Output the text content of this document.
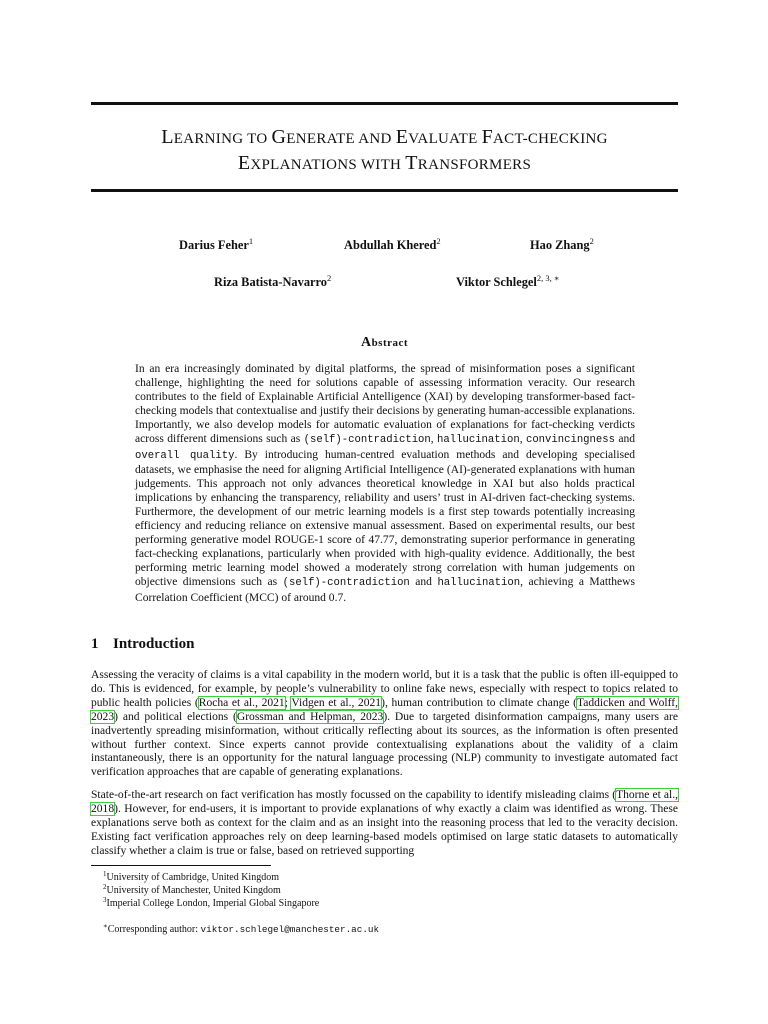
LEARNING TO GENERATE AND EVALUATE FACT-CHECKING
EXPLANATIONS WITH TRANSFORMERS
Darius Feher$^1$	Abdullah Khered$^2$	Hao Zhang$^2$
Riza Batista-Navarro$^2$	Viktor Schlegel$^{2, 3, ∗}$
Abstract

In an era increasingly dominated by digital platforms, the spread of misinformation poses a significant challenge, highlighting the need for solutions capable of assessing information veracity. Our research contributes to the field of Explainable Artificial Antelligence (XAI) by developing transformer-based fact-checking models that contextualise and justify their decisions by generating human-accessible explanations. Importantly, we also develop models for automatic evaluation of explanations for fact-checking verdicts across different dimensions such as (self)-contradiction, hallucination, convincingness and overall quality. By introducing human-centred evaluation methods and developing specialised datasets, we emphasise the need for aligning Artificial Intelligence (AI)-generated explanations with human judgements. This approach not only advances theoretical knowledge in XAI but also holds practical implications by enhancing the transparency, reliability and users’ trust in AI-driven fact-checking systems. Furthermore, the development of our metric learning models is a first step towards potentially increasing efficiency and reducing reliance on extensive manual assessment. Based on experimental results, our best performing generative model ROUGE-1 score of 47.77, demonstrating superior performance in generating fact-checking explanations, particularly when provided with high-quality evidence. Additionally, the best performing metric learning model showed a moderately strong correlation with human judgements on objective dimensions such as (self)-contradiction and hallucination, achieving a Matthews Correlation Coefficient (MCC) of around 0.7.

1 Introduction

Assessing the veracity of claims is a vital capability in the modern world, but it is a task that the public is often ill-equipped to do. This is evidenced, for example, by people’s vulnerability to online fake news, especially with respect to topics related to public health policies (Rocha et al., 2021; Vidgen et al., 2021), human contribution to climate change (Taddicken and Wolff, 2023) and political elections (Grossman and Helpman, 2023). Due to targeted disinformation campaigns, many users are inadvertently spreading misinformation, without critically reflecting about its sources, as the information is often presented without further context. Since experts cannot provide contextualising explanations about the validity of a claim instantaneously, there is an opportunity for the natural language processing (NLP) community to investigate automated fact verification approaches that are capable of generating explanations.

State-of-the-art research on fact verification has mostly focussed on the capability to identify misleading claims (Thorne et al., 2018). However, for end-users, it is important to provide explanations of why exactly a claim was identified as wrong. These explanations serve both as context for the claim and as an insight into the reasoning process that led to the veracity decision. Existing fact verification approaches rely on deep learning-based models optimised on large static datasets to automatically classify whether a claim is true or false, based on retrieved supporting

$^1$University of Cambridge, United Kingdom
$^2$University of Manchester, United Kingdom
$^3$Imperial College London, Imperial Global Singapore
∗Corresponding author: viktor.schlegel@manchester.ac.uk
